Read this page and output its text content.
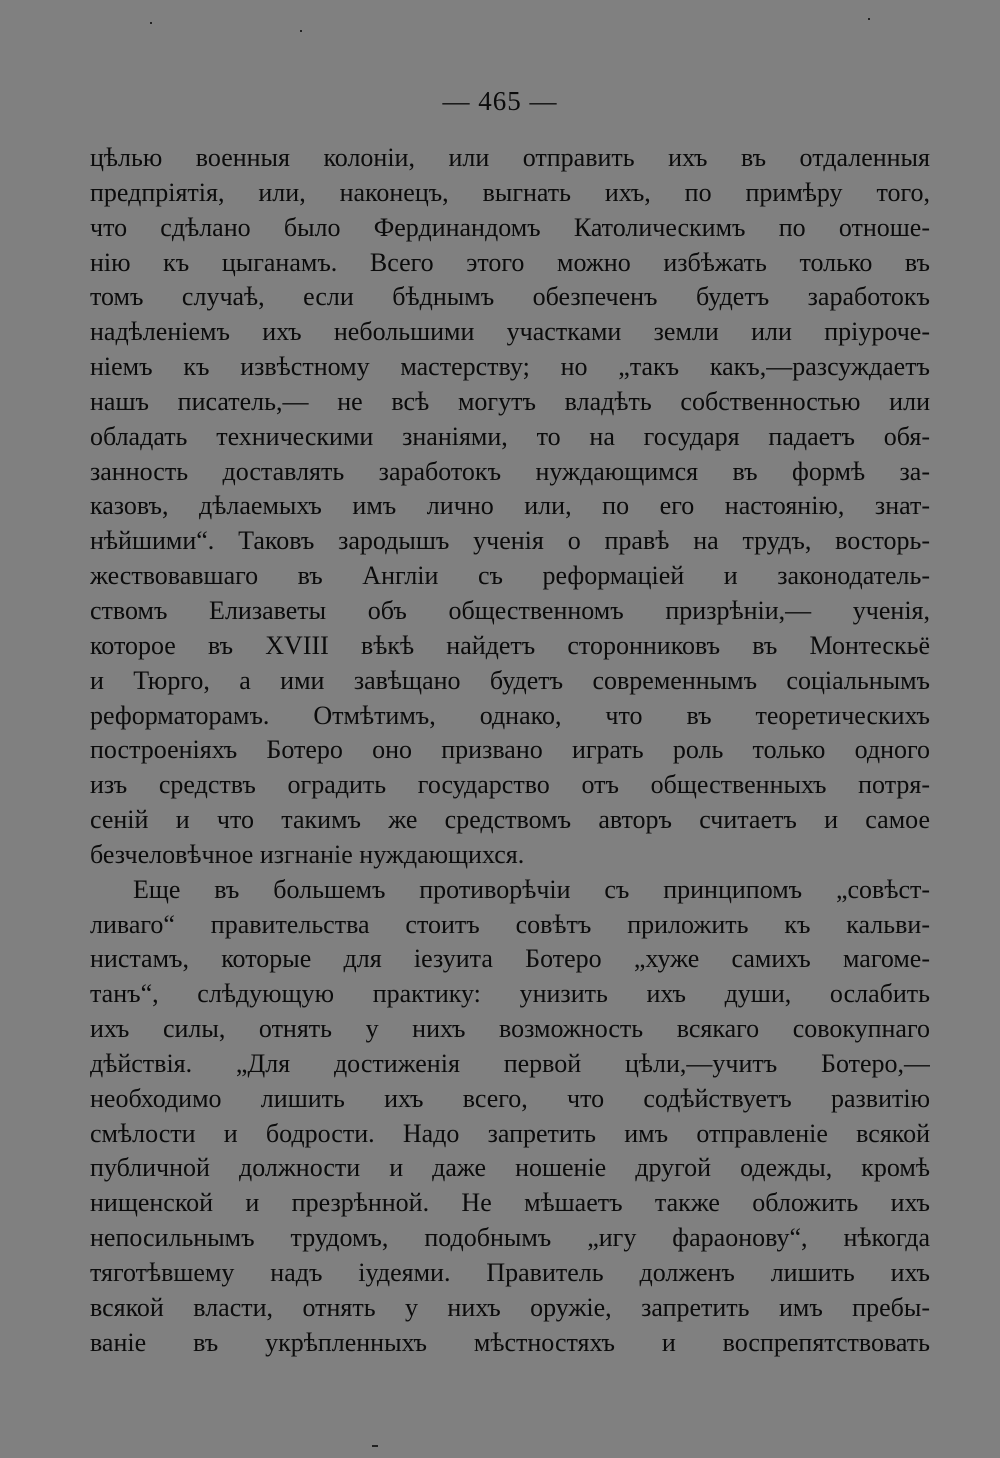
— 465 —
цѣлью военныя колоніи, или отправить ихъ въ отдаленныя
предпріятія, или, наконецъ, выгнать ихъ, по примѣру того,
что сдѣлано было Фердинандомъ Католическимъ по отноше-
нію къ цыганамъ. Всего этого можно избѣжать только въ
томъ случаѣ, если бѣднымъ обезпеченъ будетъ заработокъ
надѣленіемъ ихъ небольшими участками земли или пріуроче-
ніемъ къ извѣстному мастерству; но „такъ какъ,—разсуждаетъ
нашъ писатель,— не всѣ могутъ владѣть собственностью или
обладать техническими знаніями, то на государя падаетъ обя-
занность доставлять заработокъ нуждающимся въ формѣ за-
казовъ, дѣлаемыхъ имъ лично или, по его настоянію, знат-
нѣйшими“. Таковъ зародышъ ученія о правѣ на трудъ, восторь-
жествовавшаго въ Англіи съ реформаціей и законодатель-
ствомъ Елизаветы объ общественномъ призрѣніи,— ученія,
которое въ XVIII вѣкѣ найдетъ сторонниковъ въ Монтескьё
и Тюрго, а ими завѣщано будетъ современнымъ соціальнымъ
реформаторамъ. Отмѣтимъ, однако, что въ теоретическихъ
построеніяхъ Ботеро оно призвано играть роль только одного
изъ средствъ оградить государство отъ общественныхъ потря-
сеній и что такимъ же средствомъ авторъ считаетъ и самое
безчеловѣчное изгнаніе нуждающихся.
Еще въ большемъ противорѣчіи съ принципомъ „совѣст-
ливаго“ правительства стоитъ совѣтъ приложить къ кальви-
нистамъ, которые для іезуита Ботеро „хуже самихъ магоме-
танъ“, слѣдующую практику: унизить ихъ души, ослабить
ихъ силы, отнять у нихъ возможность всякаго совокупнаго
дѣйствія. „Для достиженія первой цѣли,—учитъ Ботеро,—
необходимо лишить ихъ всего, что содѣйствуетъ развитію
смѣлости и бодрости. Надо запретить имъ отправленіе всякой
публичной должности и даже ношеніе другой одежды, кромѣ
нищенской и презрѣнной. Не мѣшаетъ также обложить ихъ
непосильнымъ трудомъ, подобнымъ „игу фараонову“, нѣкогда
тяготѣвшему надъ іудеями. Правитель долженъ лишить ихъ
всякой власти, отнять у нихъ оружіе, запретить имъ пребы-
ваніе въ укрѣпленныхъ мѣстностяхъ и воспрепятствовать
